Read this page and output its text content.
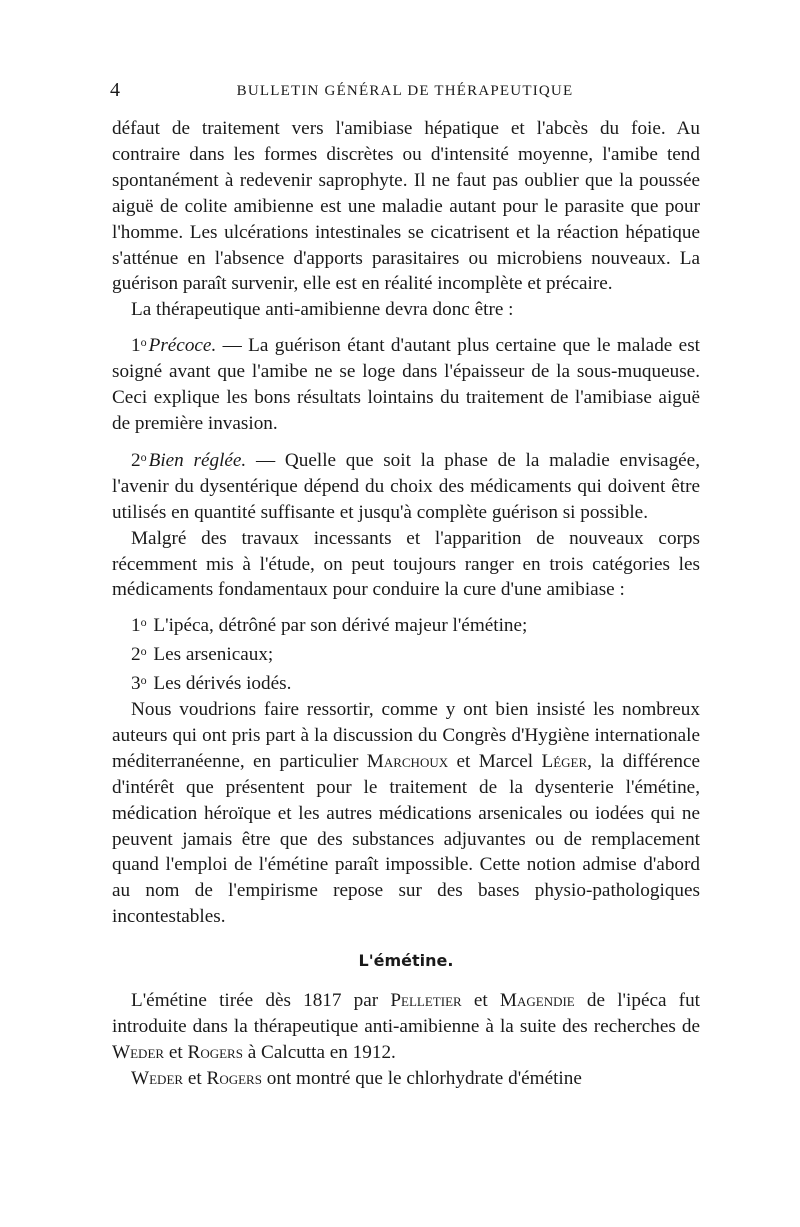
4	BULLETIN GÉNÉRAL DE THÉRAPEUTIQUE

défaut de traitement vers l'amibiase hépatique et l'abcès du foie. Au contraire dans les formes discrètes ou d'intensité moyenne, l'amibe tend spontanément à redevenir saprophyte. Il ne faut pas oublier que la poussée aiguë de colite amibienne est une maladie autant pour le parasite que pour l'homme. Les ulcérations intestinales se cicatrisent et la réaction hépatique s'atténue en l'absence d'apports parasitaires ou microbiens nouveaux. La guérison paraît survenir, elle est en réalité incomplète et précaire.

La thérapeutique anti-amibienne devra donc être :

1$^o$ Précoce. — La guérison étant d'autant plus certaine que le malade est soigné avant que l'amibe ne se loge dans l'épaisseur de la sous-muqueuse. Ceci explique les bons résultats lointains du traitement de l'amibiase aiguë de première invasion.

2$^o$ Bien réglée. — Quelle que soit la phase de la maladie envisagée, l'avenir du dysentérique dépend du choix des médicaments qui doivent être utilisés en quantité suffisante et jusqu'à complète guérison si possible.

Malgré des travaux incessants et l'apparition de nouveaux corps récemment mis à l'étude, on peut toujours ranger en trois catégories les médicaments fondamentaux pour conduire la cure d'une amibiase :

1$^o$ L'ipéca, détrôné par son dérivé majeur l'émétine;

2$^o$ Les arsenicaux;

3$^o$ Les dérivés iodés.

Nous voudrions faire ressortir, comme y ont bien insisté les nombreux auteurs qui ont pris part à la discussion du Congrès d'Hygiène internationale méditerranéenne, en particulier Marchoux et Marcel Léger, la différence d'intérêt que présentent pour le traitement de la dysenterie l'émétine, médication héroïque et les autres médications arsenicales ou iodées qui ne peuvent jamais être que des substances adjuvantes ou de remplacement quand l'emploi de l'émétine paraît impossible. Cette notion admise d'abord au nom de l'empirisme repose sur des bases physio-pathologiques incontestables.

L'émétine.

L'émétine tirée dès 1817 par Pelletier et Magendie de l'ipéca fut introduite dans la thérapeutique anti-amibienne à la suite des recherches de Weder et Rogers à Calcutta en 1912.

Weder et Rogers ont montré que le chlorhydrate d'émétine
